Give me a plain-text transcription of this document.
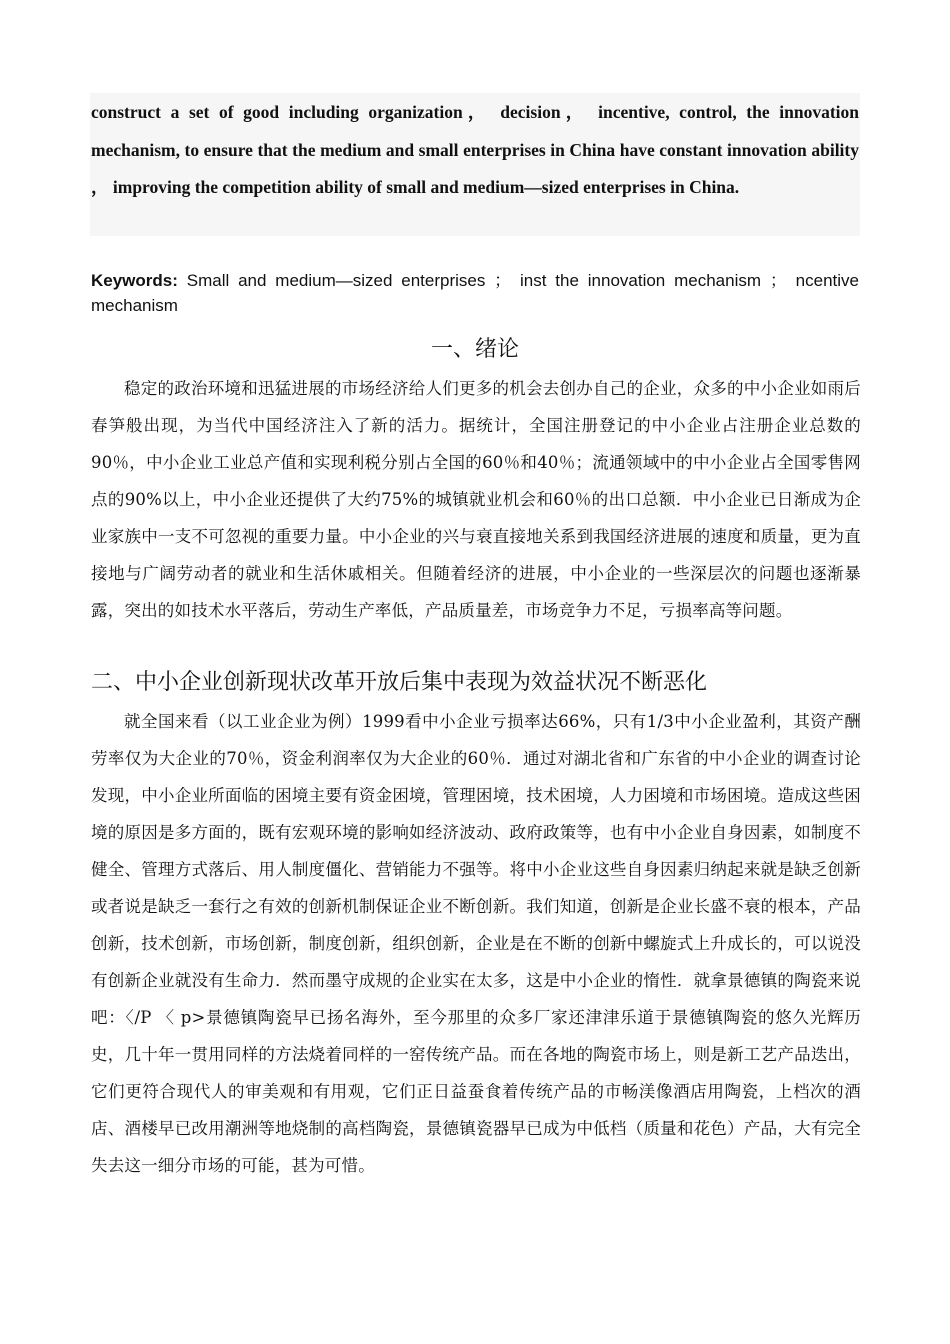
construct a set of good including organization， decision， incentive, control, the innovation mechanism, to ensure that the medium and small enterprises in China have constant innovation ability ， improving the competition ability of small and medium—sized enterprises in China.

Keywords: Small and medium—sized enterprises ； inst the innovation mechanism ； ncentive mechanism

一、绪论

稳定的政治环境和迅猛进展的市场经济给人们更多的机会去创办自己的企业，众多的中小企业如雨后春笋般出现，为当代中国经济注入了新的活力。据统计，全国注册登记的中小企业占注册企业总数的90％，中小企业工业总产值和实现利税分别占全国的60％和40％；流通领域中的中小企业占全国零售网点的90%以上，中小企业还提供了大约75%的城镇就业机会和60％的出口总额．中小企业已日渐成为企业家族中一支不可忽视的重要力量。中小企业的兴与衰直接地关系到我国经济进展的速度和质量，更为直接地与广阔劳动者的就业和生活休戚相关。但随着经济的进展，中小企业的一些深层次的问题也逐渐暴露，突出的如技术水平落后，劳动生产率低，产品质量差，市场竞争力不足，亏损率高等问题。

二、中小企业创新现状改革开放后集中表现为效益状况不断恶化

就全国来看（以工业企业为例）1999看中小企业亏损率达66%，只有1/3中小企业盈利，其资产酬劳率仅为大企业的70％，资金利润率仅为大企业的60％．通过对湖北省和广东省的中小企业的调查讨论发现，中小企业所面临的困境主要有资金困境，管理困境，技术困境，人力困境和市场困境。造成这些困境的原因是多方面的，既有宏观环境的影响如经济波动、政府政策等，也有中小企业自身因素，如制度不健全、管理方式落后、用人制度僵化、营销能力不强等。将中小企业这些自身因素归纳起来就是缺乏创新或者说是缺乏一套行之有效的创新机制保证企业不断创新。我们知道，创新是企业长盛不衰的根本，产品创新，技术创新，市场创新，制度创新，组织创新，企业是在不断的创新中螺旋式上升成长的，可以说没有创新企业就没有生命力．然而墨守成规的企业实在太多，这是中小企业的惰性．就拿景德镇的陶瓷来说吧：〈/P 〈 p>景德镇陶瓷早已扬名海外，至今那里的众多厂家还津津乐道于景德镇陶瓷的悠久光辉历史，几十年一贯用同样的方法烧着同样的一窑传统产品。而在各地的陶瓷市场上，则是新工艺产品迭出，它们更符合现代人的审美观和有用观，它们正日益蚕食着传统产品的市畅渼像酒店用陶瓷，上档次的酒店、酒楼早已改用潮洲等地烧制的高档陶瓷，景德镇瓷器早已成为中低档（质量和花色）产品，大有完全失去这一细分市场的可能，甚为可惜。
